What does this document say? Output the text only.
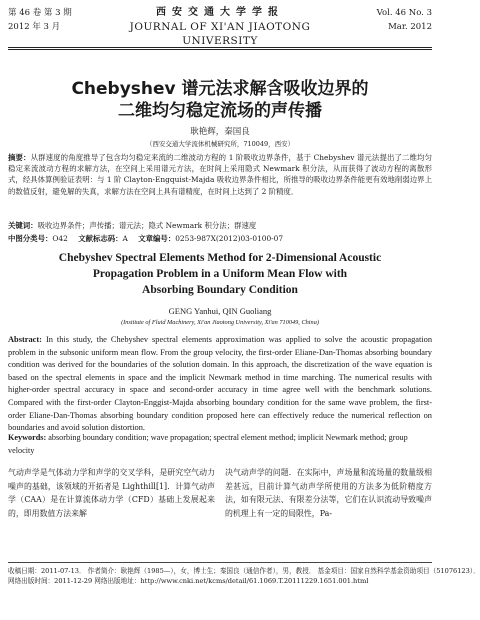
第 46 卷 第 3 期
2012 年 3 月
西安交通大学学报
JOURNAL OF XI'AN JIAOTONG UNIVERSITY
Vol. 46 No. 3
Mar. 2012
Chebyshev 谱元法求解含吸收边界的
二维均匀稳定流场的声传播
耿艳辉，秦国良
（西安交通大学流体机械研究所，710049，西安）
摘要：从群速度的角度推导了包含均匀稳定来流的二维波动方程的 1 阶吸收边界条件，基于 Chebyshev 谱元法提出了二维均匀稳定来流波动方程的求解方法，在空间上采用谱元方法，在时间上采用隐式 Newmark 积分法，从而获得了波动方程的离散形式，经具体算例验证表明：与 1 阶 Clayton-Engquist-Majda 吸收边界条件相比，所推导的吸收边界条件能更有效地削弱边界上的数值反射，避免解的失真，求解方法在空间上具有谱精度，在时间上达到了 2 阶精度．
关键词：吸收边界条件；声传播；谱元法；隐式 Newmark 积分法；群速度
中图分类号：O42 文献标志码：A 文章编号：0253-987X(2012)03-0100-07
Chebyshev Spectral Elements Method for 2-Dimensional Acoustic
Propagation Problem in a Uniform Mean Flow with
Absorbing Boundary Condition
GENG Yanhui, QIN Guoliang
(Institute of Fluid Machinery, Xi'an Jiaotong University, Xi'an 710049, China)
Abstract: In this study, the Chebyshev spectral elements approximation was applied to solve the acoustic propagation problem in the subsonic uniform mean flow. From the group velocity, the first-order Eliane-Dan-Thomas absorbing boundary condition was derived for the boundaries of the solution domain. In this approach, the discretization of the wave equation is based on the spectral elements in space and the implicit Newmark method in time marching. The numerical results with higher-order spectral accuracy in space and second-order accuracy in time agree well with the benchmark solutions. Compared with the first-order Clayton-Enggist-Majda absorbing boundary condition for the same wave problem, the first-order Eliane-Dan-Thomas absorbing boundary condition proposed here can effectively reduce the numerical reflection on boundaries and avoid solution distortion.
Keywords: absorbing boundary condition; wave propagation; spectral element method; implicit Newmark method; group velocity
气动声学是气体动力学和声学的交叉学科，是研究空气动力噪声的基础，该领域的开拓者是 Lighthill[1]．计算气动声学（CAA）是在计算流体动力学（CFD）基础上发展起来的，即用数值方法来解
决气动声学的问题．在实际中，声场量和流场量的数量级相差甚远，目前计算气动声学所使用的方法多为低阶精度方法，如有限元法、有限差分法等，它们在认识流动导致噪声的机理上有一定的局限性，Pa-
收稿日期：2011-07-13． 作者简介：耿艳辉（1985—），女，博士生；秦国良（通信作者），男，教授． 基金项目：国家自然科学基金资助项目（51076123）．
网络出版时间：2011-12-29 网络出版地址：http://www.cnki.net/kcms/detail/61.1069.T.20111229.1651.001.html
